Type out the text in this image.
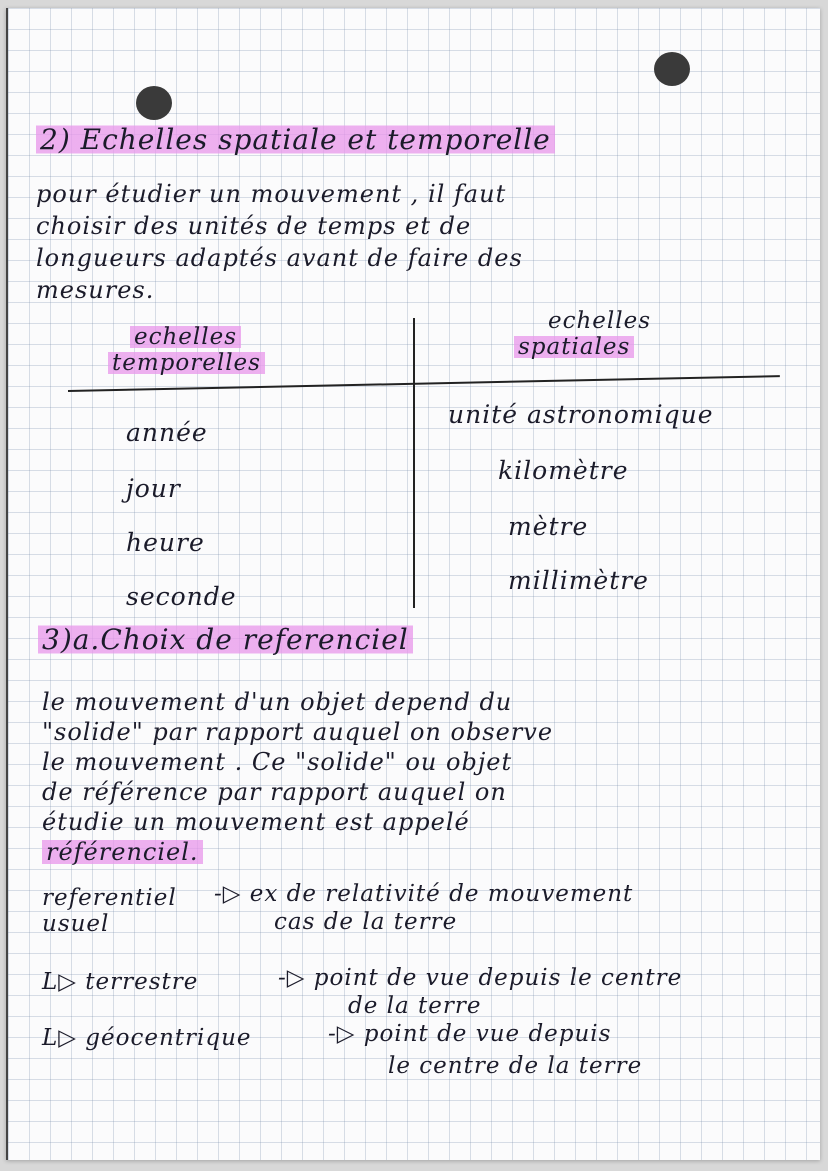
2) Echelles spatiale et temporelle
pour étudier un mouvement , il faut
choisir des unités de temps et de
longueurs adaptés avant de faire des
mesures.
echelles
temporelles
echelles
spatiales
année
jour
heure
seconde
unité astronomique
kilomètre
mètre
millimètre
3)a.Choix de referenciel
le mouvement d'un objet depend du
"solide" par rapport auquel on observe
le mouvement . Ce "solide" ou objet
de référence par rapport auquel on
étudie un mouvement est appelé
référenciel.
referentiel
usuel
-▷ ex de relativité de mouvement
cas de la terre
L▷ terrestre	-▷ point de vue depuis le centre
de la terre
L▷ géocentrique	-▷ point de vue depuis
le centre de la terre
